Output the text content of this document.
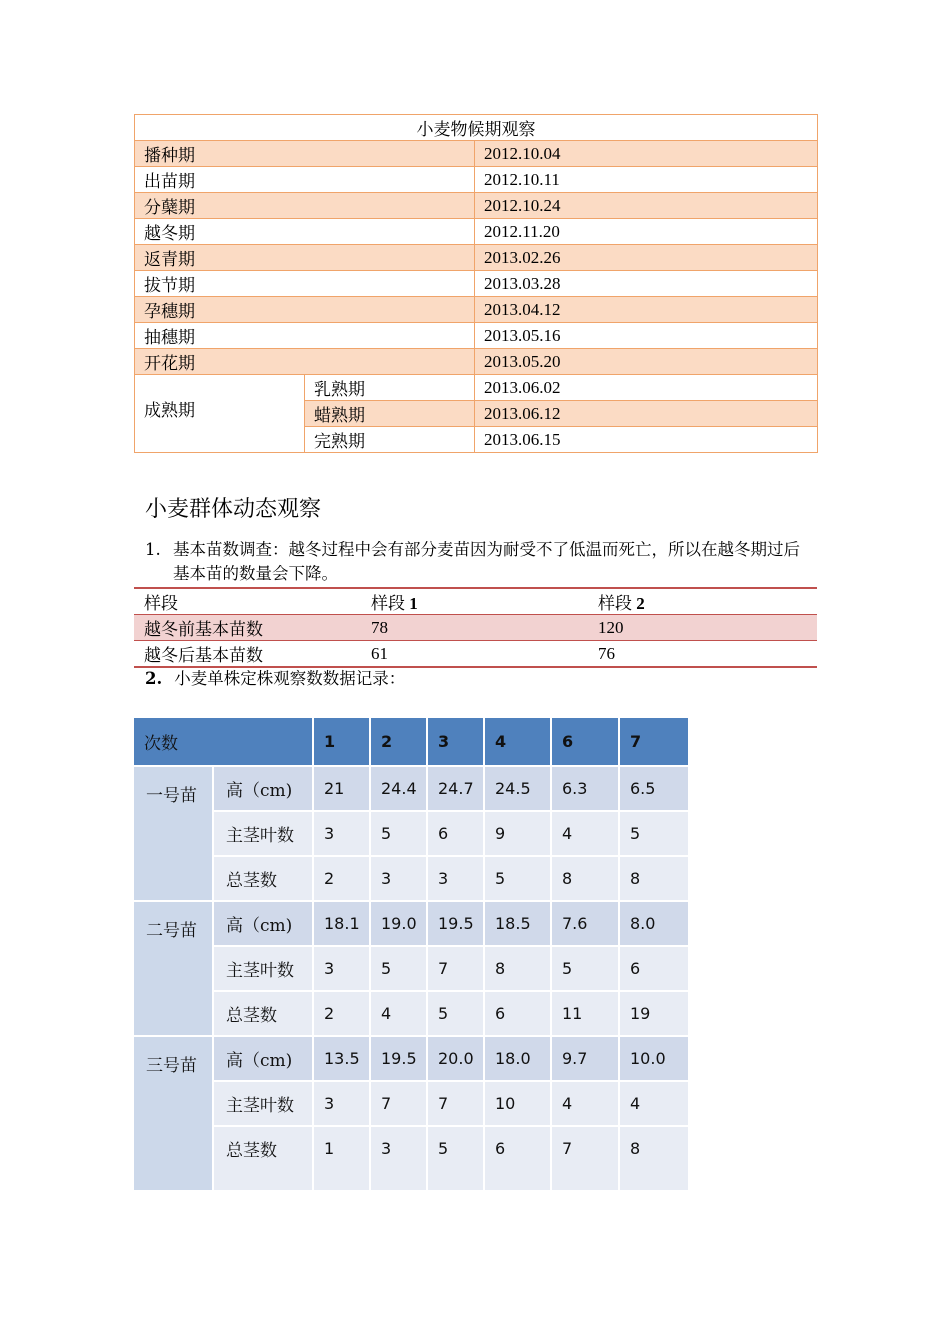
小麦物候期观察		
播种期		2012.10.04
出苗期		2012.10.11
分蘖期		2012.10.24
越冬期		2012.11.20
返青期		2013.02.26
拔节期		2013.03.28
孕穗期		2013.04.12
抽穗期		2013.05.16
开花期		2013.05.20

成熟期	乳熟期	2013.06.02
	蜡熟期	2013.06.12
	完熟期	2013.06.15
小麦群体动态观察
1. 基本苗数调查：越冬过程中会有部分麦苗因为耐受不了低温而死亡，所以在越冬期过后基本苗的数量会下降。
样段	样段 1	样段 2
越冬前基本苗数	78	120
越冬后基本苗数	61	76
2. 小麦单株定株观察数数据记录：
次数		1	2	3	4	6	7
一号苗	高（cm)	21	24.4	24.7	24.5	6.3	6.5
	主茎叶数	3	5	6	9	4	5
	总茎数	2	3	3	5	8	8
二号苗	高（cm)	18.1	19.0	19.5	18.5	7.6	8.0
	主茎叶数	3	5	7	8	5	6
	总茎数	2	4	5	6	11	19
三号苗	高（cm)	13.5	19.5	20.0	18.0	9.7	10.0
	主茎叶数	3	7	7	10	4	4
	总茎数	1	3	5	6	7	8
